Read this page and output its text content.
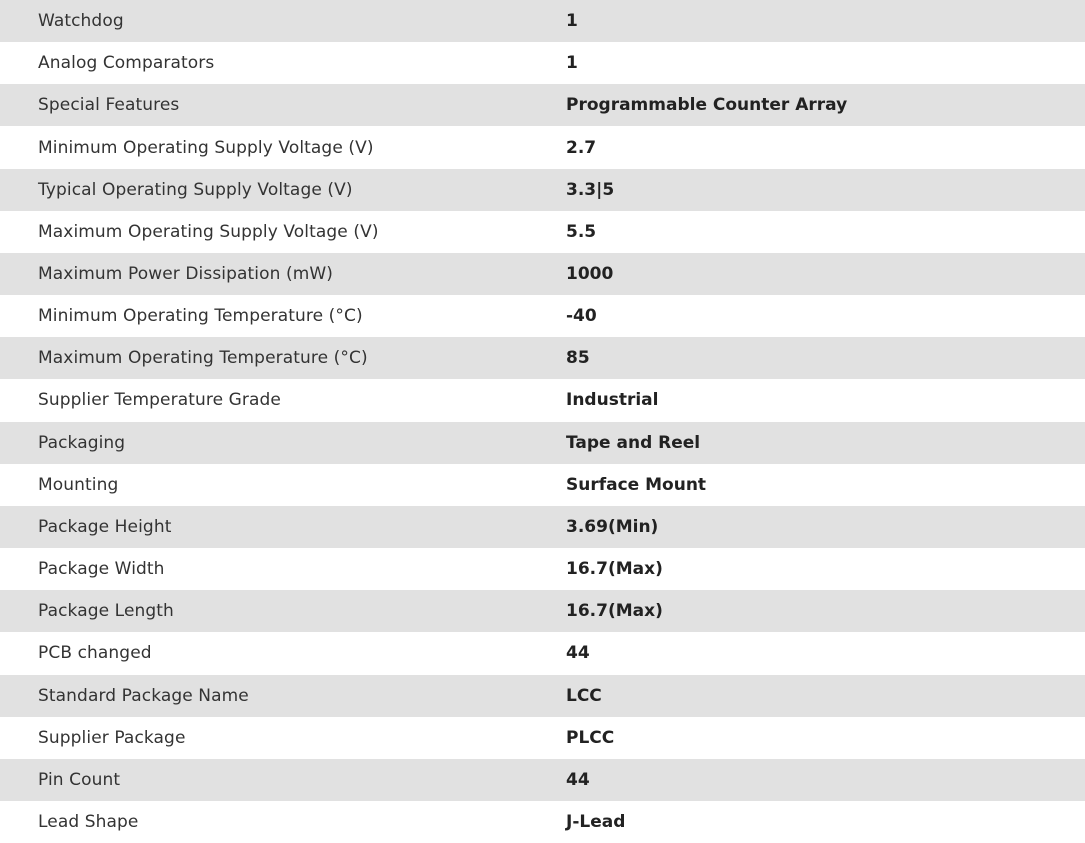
Watchdog	1
Analog Comparators	1
Special Features	Programmable Counter Array
Minimum Operating Supply Voltage (V)	2.7
Typical Operating Supply Voltage (V)	3.3|5
Maximum Operating Supply Voltage (V)	5.5
Maximum Power Dissipation (mW)	1000
Minimum Operating Temperature (°C)	-40
Maximum Operating Temperature (°C)	85
Supplier Temperature Grade	Industrial
Packaging	Tape and Reel
Mounting	Surface Mount
Package Height	3.69(Min)
Package Width	16.7(Max)
Package Length	16.7(Max)
PCB changed	44
Standard Package Name	LCC
Supplier Package	PLCC
Pin Count	44
Lead Shape	J-Lead
